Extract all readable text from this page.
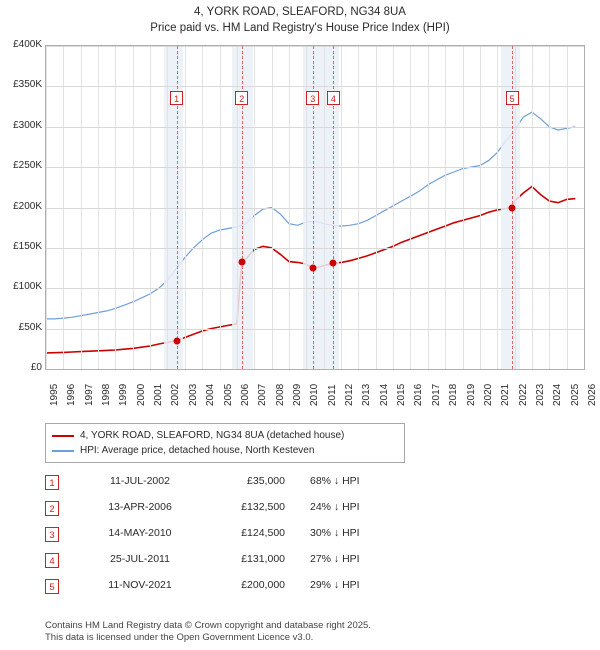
4, YORK ROAD, SLEAFORD, NG34 8UA
Price paid vs. HM Land Registry's House Price Index (HPI)
£0
£50K
£100K
£150K
£200K
£250K
£300K
£350K
£400K
1	2	3	4	5
1995 1996 1997 1998 1999 2000 2001 2002 2003 2004 2005 2006 2007 2008 2009 2010 2011 2012 2013 2014 2015 2016 2017 2018 2019 2020 2021 2022 2023 2024 2025 2026
4, YORK ROAD, SLEAFORD, NG34 8UA (detached house)
HPI: Average price, detached house, North Kesteven
1	11-JUL-2002	£35,000 68% ↓ HPI
2	13-APR-2006	£132,500 24% ↓ HPI
3	14-MAY-2010	£124,500 30% ↓ HPI
4	25-JUL-2011	£131,000 27% ↓ HPI
5	11-NOV-2021	£200,000 29% ↓ HPI
Contains HM Land Registry data © Crown copyright and database right 2025.
This data is licensed under the Open Government Licence v3.0.
